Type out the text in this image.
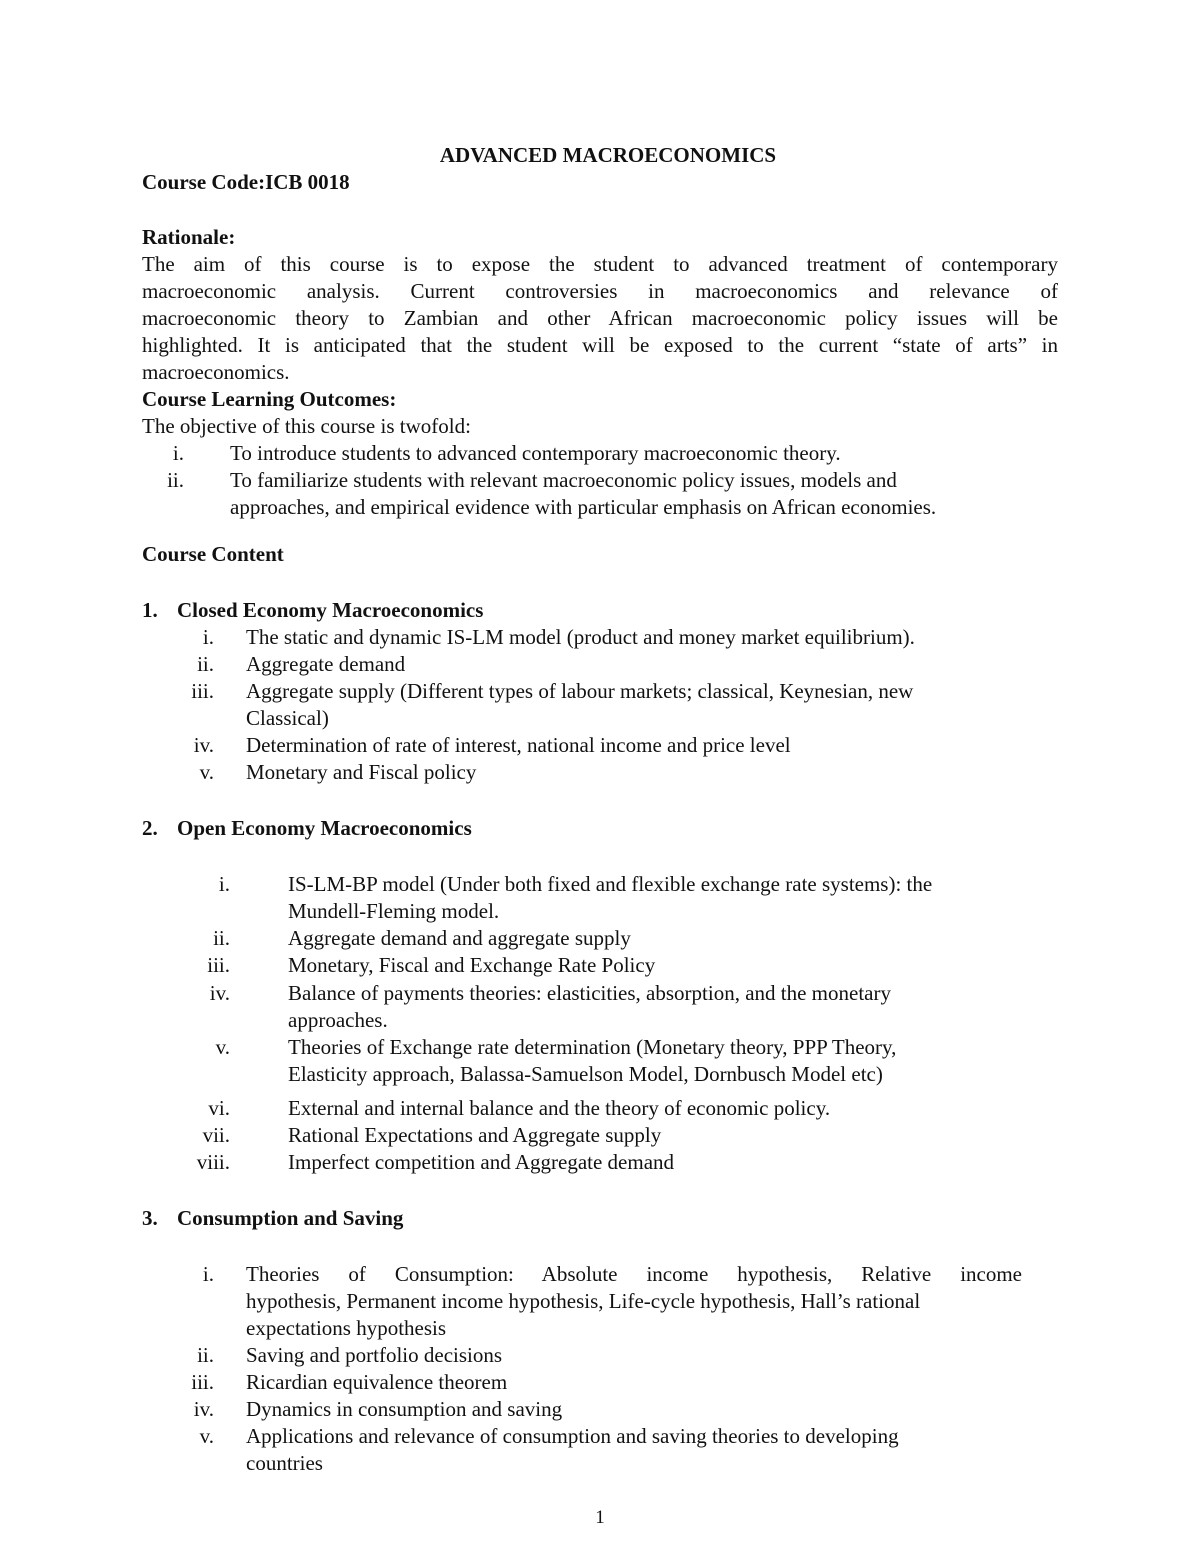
ADVANCED MACROECONOMICS
Course Code:ICB 0018
Rationale:
The aim of this course is to expose the student to advanced treatment of contemporary
macroeconomic analysis. Current controversies in macroeconomics and relevance of
macroeconomic theory to Zambian and other African macroeconomic policy issues will be
highlighted. It is anticipated that the student will be exposed to the current “state of arts” in
macroeconomics.
Course Learning Outcomes:
The objective of this course is twofold:
i. To introduce students to advanced contemporary macroeconomic theory.
ii. To familiarize students with relevant macroeconomic policy issues, models and
approaches, and empirical evidence with particular emphasis on African economies.
Course Content
1. Closed Economy Macroeconomics
i. The static and dynamic IS-LM model (product and money market equilibrium).
ii. Aggregate demand
iii. Aggregate supply (Different types of labour markets; classical, Keynesian, new
Classical)
iv. Determination of rate of interest, national income and price level
v. Monetary and Fiscal policy
2. Open Economy Macroeconomics
i.	IS-LM-BP model (Under both fixed and flexible exchange rate systems): the
Mundell-Fleming model.
ii.	Aggregate demand and aggregate supply
iii.	Monetary, Fiscal and Exchange Rate Policy
iv.	Balance of payments theories: elasticities, absorption, and the monetary
approaches.
v.	Theories of Exchange rate determination (Monetary theory, PPP Theory,
Elasticity approach, Balassa-Samuelson Model, Dornbusch Model etc)
vi.	External and internal balance and the theory of economic policy.
vii.	Rational Expectations and Aggregate supply
viii.	Imperfect competition and Aggregate demand
3. Consumption and Saving
i. Theories of Consumption: Absolute income hypothesis, Relative income
hypothesis, Permanent income hypothesis, Life-cycle hypothesis, Hall’s rational
expectations hypothesis
ii. Saving and portfolio decisions
iii. Ricardian equivalence theorem
iv. Dynamics in consumption and saving
v. Applications and relevance of consumption and saving theories to developing
countries
1
